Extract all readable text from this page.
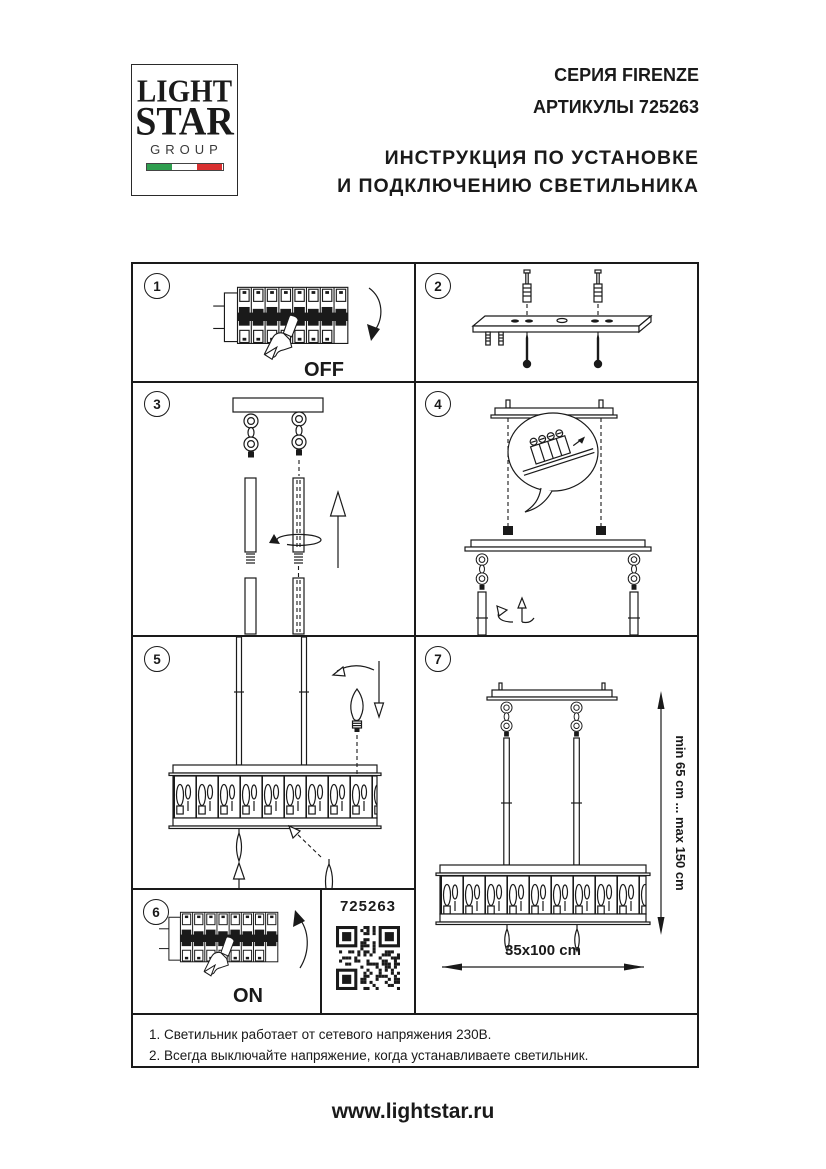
LIGHT
STAR
GROUP
СЕРИЯ FIRENZE
АРТИКУЛЫ 725263
ИНСТРУКЦИЯ ПО УСТАНОВКЕ
И ПОДКЛЮЧЕНИЮ СВЕТИЛЬНИКА
1	2
3	4
5	7
6
OFF
min 65 cm ... max 150 cm
35x100 cm
ON
725263
1. Светильник работает от сетевого напряжения 230В.
2. Всегда выключайте напряжение, когда устанавливаете светильник.
www.lightstar.ru
